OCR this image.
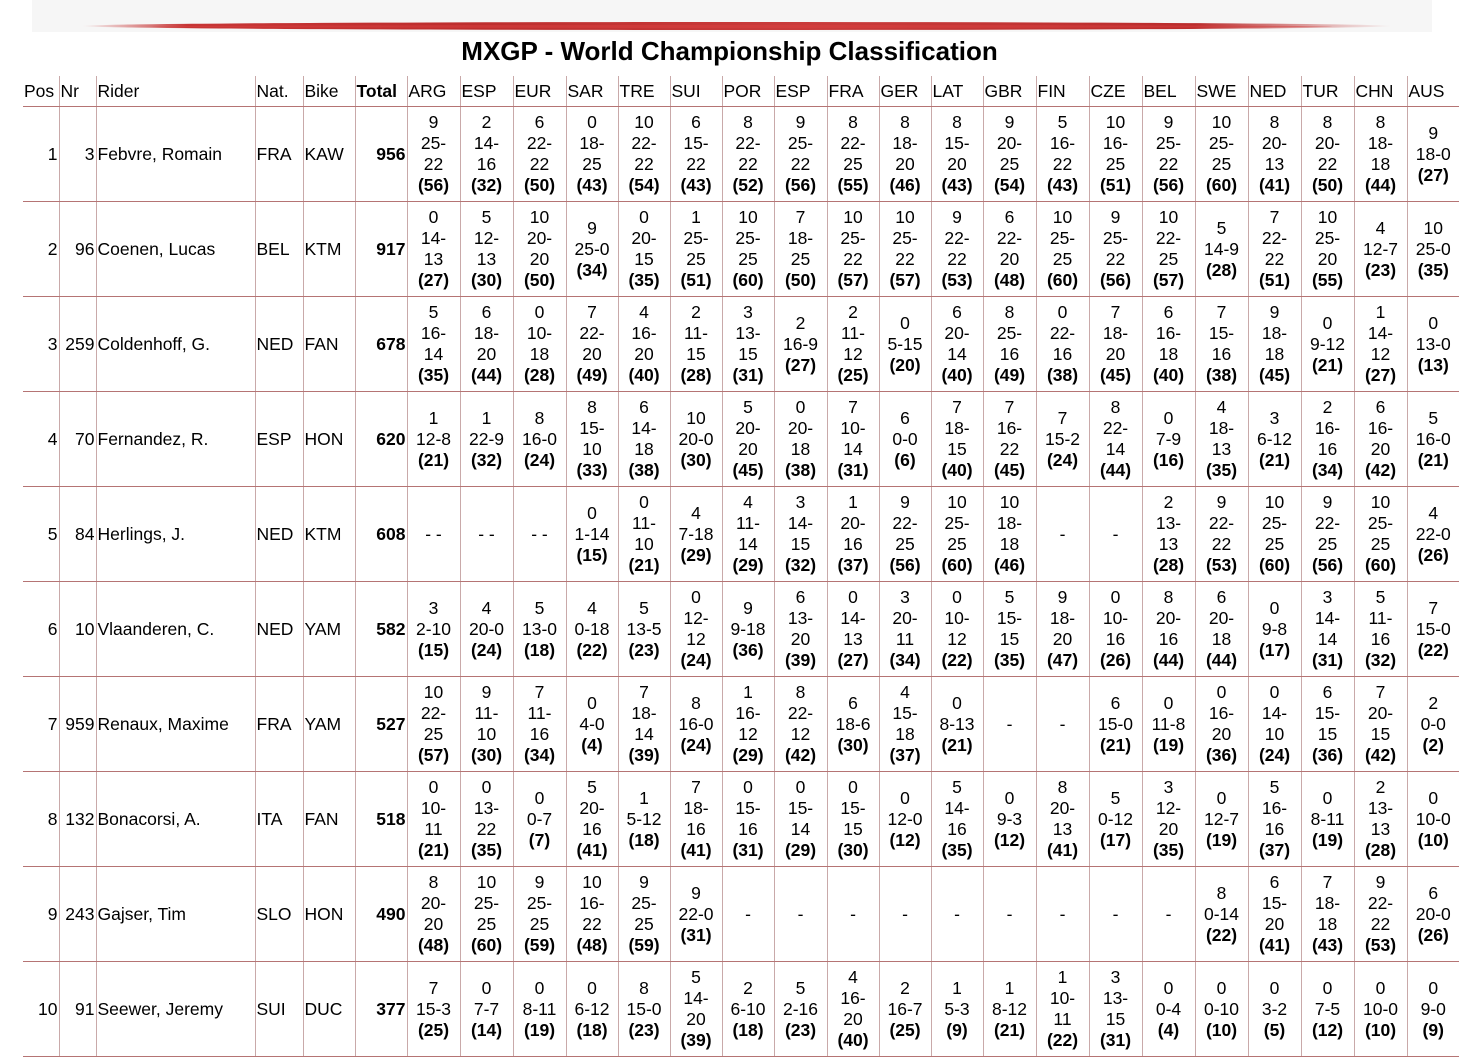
MXGP - World Championship Classification
Pos	Nr	Rider	Nat.	Bike	Total	ARG	ESP	EUR	SAR	TRE	SUI	POR	ESP	FRA	GER	LAT	GBR	FIN	CZE	BEL	SWE	NED	TUR	CHN	AUS
1	3	Febvre, Romain	FRA	KAW	956	9
25-
22
(56)	2
14-
16
(32)	6
22-
22
(50)	0
18-
25
(43)	10
22-
22
(54)	6
15-
22
(43)	8
22-
22
(52)	9
25-
22
(56)	8
22-
25
(55)	8
18-
20
(46)	8
15-
20
(43)	9
20-
25
(54)	5
16-
22
(43)	10
16-
25
(51)	9
25-
22
(56)	10
25-
25
(60)	8
20-
13
(41)	8
20-
22
(50)	8
18-
18
(44)	9
18-0
(27)

2	96	Coenen, Lucas	BEL	KTM	917	0
14-
13
(27)	5
12-
13
(30)	10
20-
20
(50)	9
25-0
(34)	0
20-
15
(35)	1
25-
25
(51)	10
25-
25
(60)	7
18-
25
(50)	10
25-
22
(57)	10
25-
22
(57)	9
22-
22
(53)	6
22-
20
(48)	10
25-
25
(60)	9
25-
22
(56)	10
22-
25
(57)	5
14-9
(28)	7
22-
22
(51)	10
25-
20
(55)	4
12-7
(23)	10
25-0
(35)

3	259	Coldenhoff, G.	NED	FAN	678	5
16-
14
(35)	6
18-
20
(44)	0
10-
18
(28)	7
22-
20
(49)	4
16-
20
(40)	2
11-
15
(28)	3
13-
15
(31)	2
16-9
(27)	2
11-
12
(25)	0
5-15
(20)	6
20-
14
(40)	8
25-
16
(49)	0
22-
16
(38)	7
18-
20
(45)	6
16-
18
(40)	7
15-
16
(38)	9
18-
18
(45)	0
9-12
(21)	1
14-
12
(27)	0
13-0
(13)

4	70	Fernandez, R.	ESP	HON	620	1
12-8
(21)	1
22-9
(32)	8
16-0
(24)	8
15-
10
(33)	6
14-
18
(38)	10
20-0
(30)	5
20-
20
(45)	0
20-
18
(38)	7
10-
14
(31)	6
0-0
(6)	7
18-
15
(40)	7
16-
22
(45)	7
15-2
(24)	8
22-
14
(44)	0
7-9
(16)	4
18-
13
(35)	3
6-12
(21)	2
16-
16
(34)	6
16-
20
(42)	5
16-0
(21)

5	84	Herlings, J.	NED	KTM	608	- -	- -	- -	0
1-14
(15)	0
11-
10
(21)	4
7-18
(29)	4
11-
14
(29)	3
14-
15
(32)	1
20-
16
(37)	9
22-
25
(56)	10
25-
25
(60)	10
18-
18
(46)	-	-	2
13-
13
(28)	9
22-
22
(53)	10
25-
25
(60)	9
22-
25
(56)	10
25-
25
(60)	4
22-0
(26)

6	10	Vlaanderen, C.	NED	YAM	582	3
2-10
(15)	4
20-0
(24)	5
13-0
(18)	4
0-18
(22)	5
13-5
(23)	0
12-
12
(24)	9
9-18
(36)	6
13-
20
(39)	0
14-
13
(27)	3
20-
11
(34)	0
10-
12
(22)	5
15-
15
(35)	9
18-
20
(47)	0
10-
16
(26)	8
20-
16
(44)	6
20-
18
(44)	0
9-8
(17)	3
14-
14
(31)	5
11-
16
(32)	7
15-0
(22)

7	959	Renaux, Maxime	FRA	YAM	527	10
22-
25
(57)	9
11-
10
(30)	7
11-
16
(34)	0
4-0
(4)	7
18-
14
(39)	8
16-0
(24)	1
16-
12
(29)	8
22-
12
(42)	6
18-6
(30)	4
15-
18
(37)	0
8-13
(21)	-	-	6
15-0
(21)	0
11-8
(19)	0
16-
20
(36)	0
14-
10
(24)	6
15-
15
(36)	7
20-
15
(42)	2
0-0
(2)

8	132	Bonacorsi, A.	ITA	FAN	518	0
10-
11
(21)	0
13-
22
(35)	0
0-7
(7)	5
20-
16
(41)	1
5-12
(18)	7
18-
16
(41)	0
15-
16
(31)	0
15-
14
(29)	0
15-
15
(30)	0
12-0
(12)	5
14-
16
(35)	0
9-3
(12)	8
20-
13
(41)	5
0-12
(17)	3
12-
20
(35)	0
12-7
(19)	5
16-
16
(37)	0
8-11
(19)	2
13-
13
(28)	0
10-0
(10)

9	243	Gajser, Tim	SLO	HON	490	8
20-
20
(48)	10
25-
25
(60)	9
25-
25
(59)	10
16-
22
(48)	9
25-
25
(59)	9
22-0
(31)	-	-	-	-	-	-	-	-	-	8
0-14
(22)	6
15-
20
(41)	7
18-
18
(43)	9
22-
22
(53)	6
20-0
(26)

10	91	Seewer, Jeremy	SUI	DUC	377	7
15-3
(25)	0
7-7
(14)	0
8-11
(19)	0
6-12
(18)	8
15-0
(23)	5
14-
20
(39)	2
6-10
(18)	5
2-16
(23)	4
16-
20
(40)	2
16-7
(25)	1
5-3
(9)	1
8-12
(21)	1
10-
11
(22)	3
13-
15
(31)	0
0-4
(4)	0
0-10
(10)	0
3-2
(5)	0
7-5
(12)	0
10-0
(10)	0
9-0
(9)
